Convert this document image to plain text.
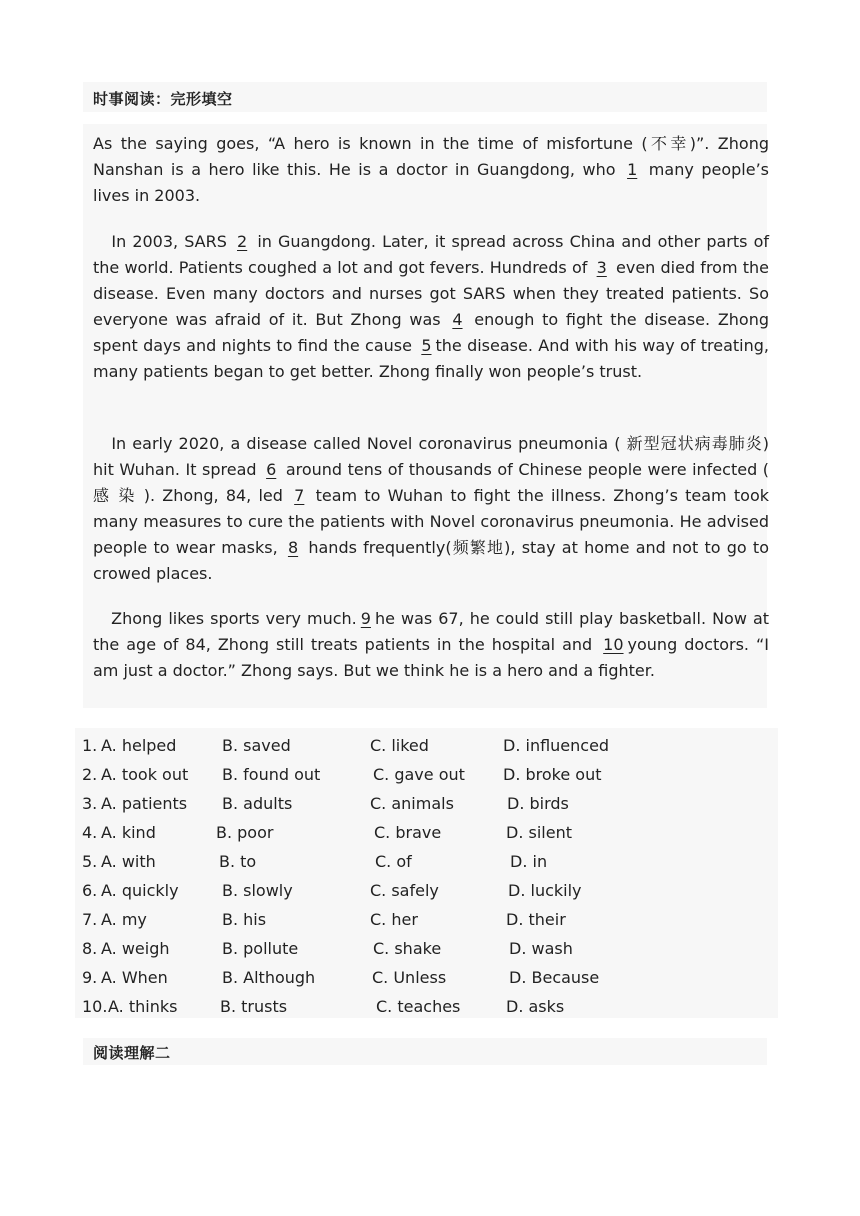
时事阅读：完形填空

As the saying goes, “A hero is known in the time of misfortune (不幸)”. Zhong Nanshan is a hero like this. He is a doctor in Guangdong, who 1 many people’s lives in 2003.

In 2003, SARS 2 in Guangdong. Later, it spread across China and other parts of the world. Patients coughed a lot and got fevers. Hundreds of 3 even died from the disease. Even many doctors and nurses got SARS when they treated patients. So everyone was afraid of it. But Zhong was 4 enough to fight the disease. Zhong spent days and nights to find the cause 5 the disease. And with his way of treating, many patients began to get better. Zhong finally won people’s trust.

In early 2020, a disease called Novel coronavirus pneumonia ( 新型冠状病毒肺炎) hit Wuhan. It spread 6 around tens of thousands of Chinese people were infected ( 感 染 ). Zhong, 84, led 7 team to Wuhan to fight the illness. Zhong’s team took many measures to cure the patients with Novel coronavirus pneumonia. He advised people to wear masks, 8 hands frequently(频繁地), stay at home and not to go to crowed places.

Zhong likes sports very much. 9 he was 67, he could still play basketball. Now at the age of 84, Zhong still treats patients in the hospital and 10 young doctors. “I am just a doctor.” Zhong says. But we think he is a hero and a fighter.

1. A. helped	B. saved	C. liked	D. influenced
2. A. took out B. found out	C. gave out D. broke out
3. A. patients B. adults	C. animals	D. birds
4. A. kind	B. poor	C. brave	D. silent
5. A. with	B. to	C. of	D. in
6. A. quickly	B. slowly	C. safely	D. luckily
7. A. my	B. his	C. her	D. their
8. A. weigh	B. pollute	C. shake	D. wash
9. A. When	B. Although	C. Unless	D. Because
10. A. thinks	B. trusts	C. teaches	D. asks
阅读理解二
